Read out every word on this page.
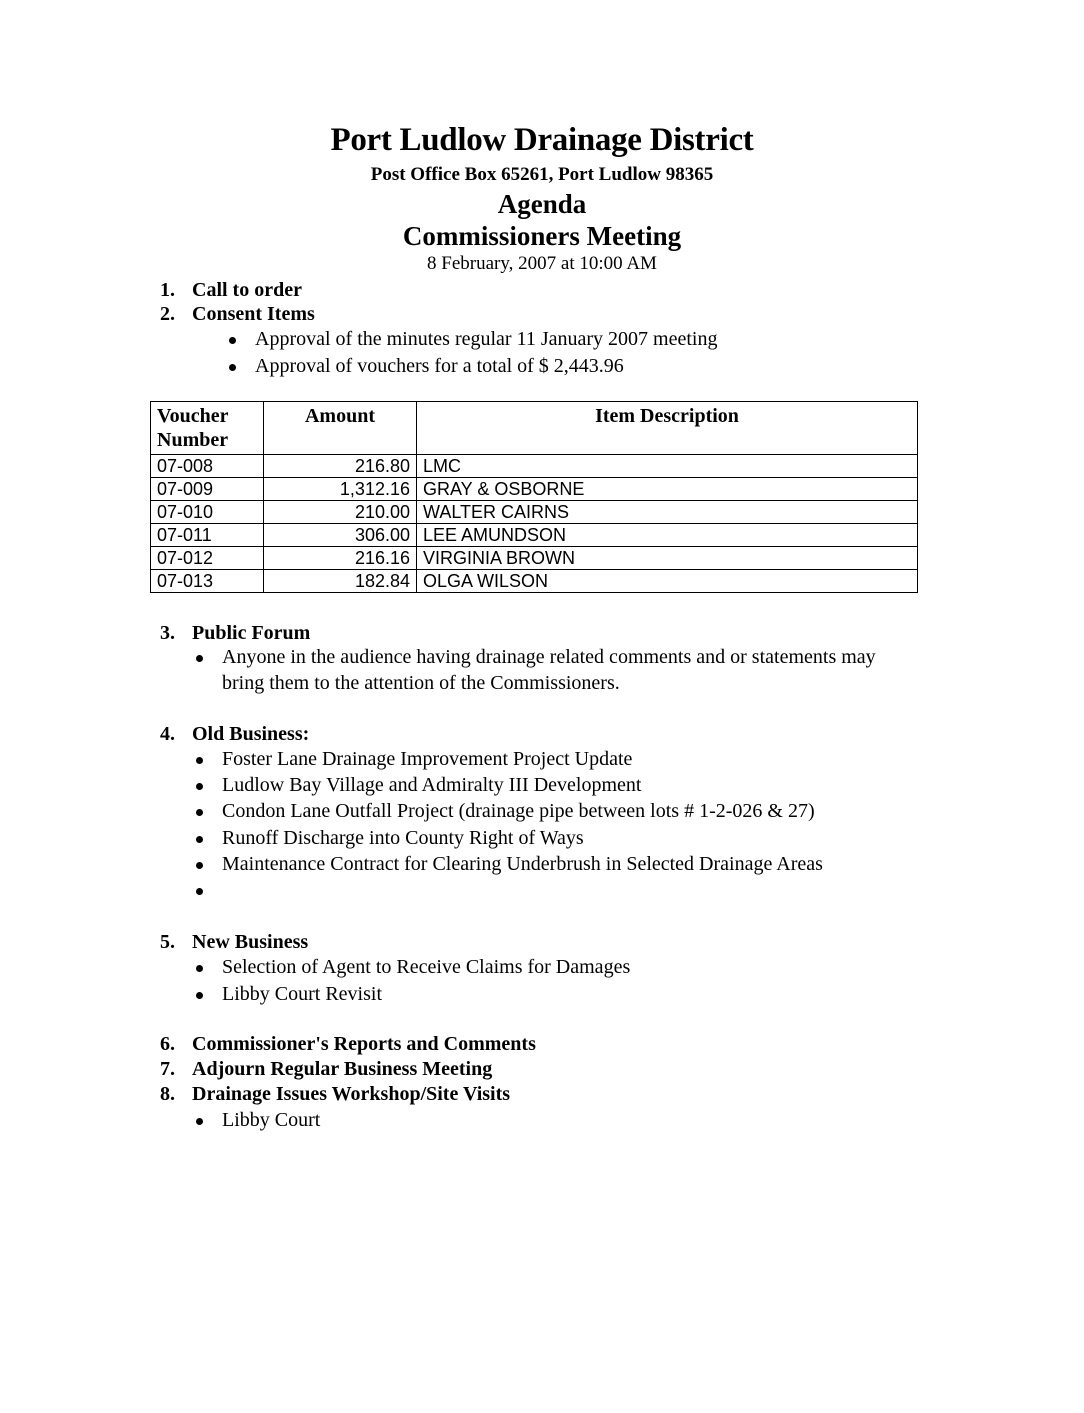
Port Ludlow Drainage District
Post Office Box 65261, Port Ludlow 98365
Agenda
Commissioners Meeting
8 February, 2007 at 10:00 AM
1. Call to order
2. Consent Items
Approval of the minutes regular 11 January 2007 meeting
Approval of vouchers for a total of $ 2,443.96
Voucher Number	Amount	Item Description
07-008	216.80	LMC
07-009	1,312.16	GRAY & OSBORNE
07-010	210.00	WALTER CAIRNS
07-011	306.00	LEE AMUNDSON
07-012	216.16	VIRGINIA BROWN
07-013	182.84	OLGA WILSON
3. Public Forum
Anyone in the audience having drainage related comments and or statements may
bring them to the attention of the Commissioners.
4. Old Business:
Foster Lane Drainage Improvement Project Update
Ludlow Bay Village and Admiralty III Development
Condon Lane Outfall Project (drainage pipe between lots # 1-2-026 & 27)
Runoff Discharge into County Right of Ways
Maintenance Contract for Clearing Underbrush in Selected Drainage Areas
5. New Business
Selection of Agent to Receive Claims for Damages
Libby Court Revisit
6. Commissioner's Reports and Comments
7. Adjourn Regular Business Meeting
8. Drainage Issues Workshop/Site Visits
Libby Court
